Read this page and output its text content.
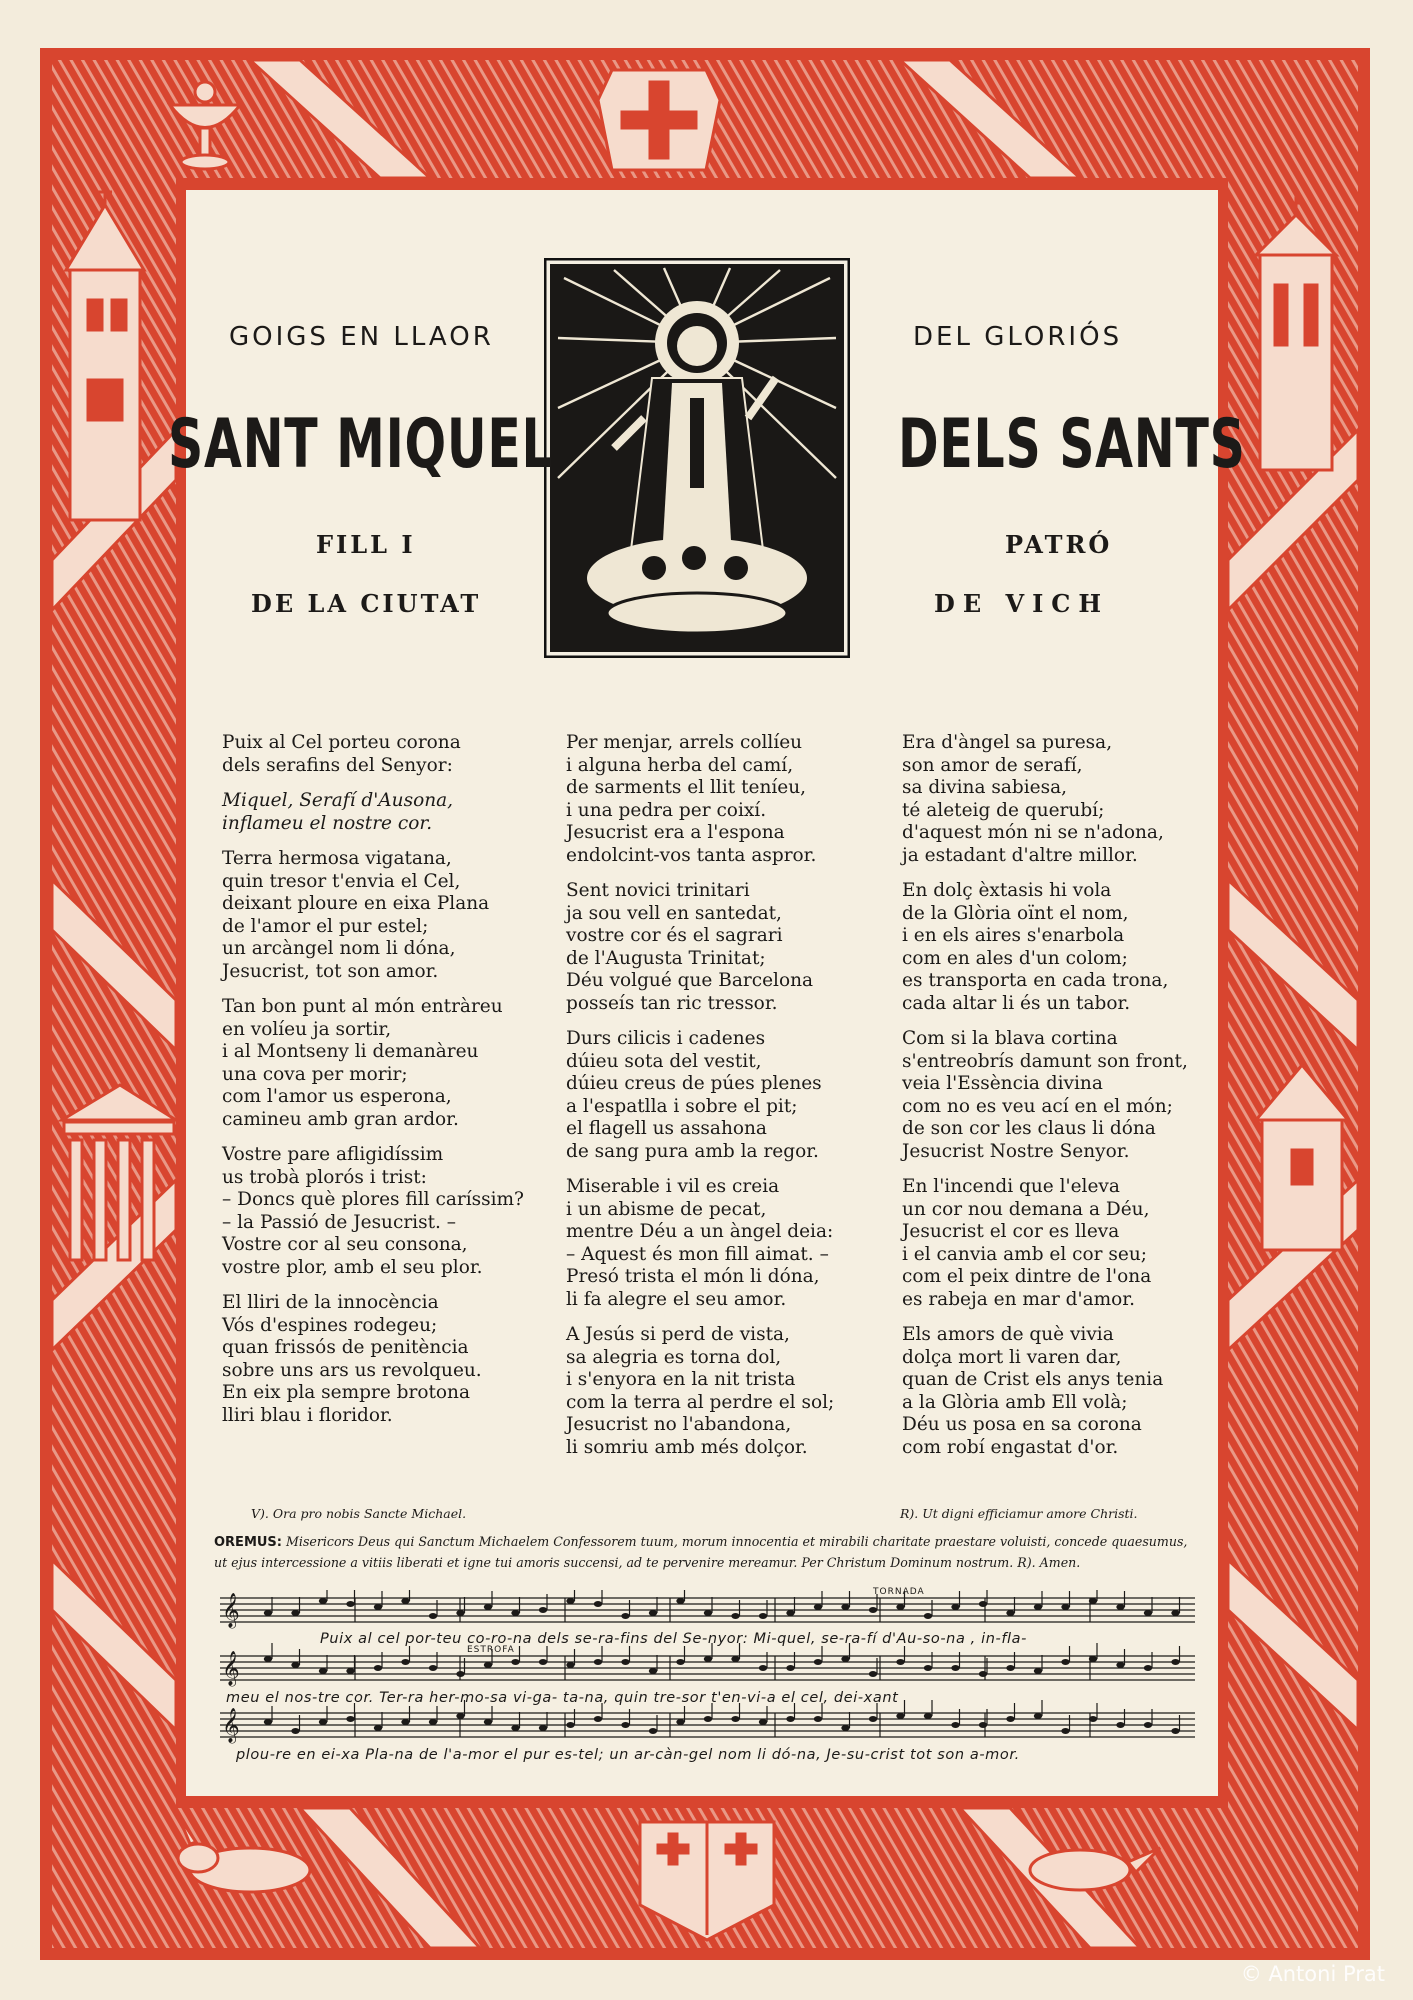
GOIGS EN LLAOR	DEL GLORIÓS
SANT MIQUEL	DELS SANTS
FILL I	PATRÓ
DE LA CIUTAT	DE VICH
Puix al Cel porteu corona
dels serafins del Senyor:
Miquel, Serafí d'Ausona,
inflameu el nostre cor.
Terra hermosa vigatana,
quin tresor t'envia el Cel,
deixant ploure en eixa Plana
de l'amor el pur estel;
un arcàngel nom li dóna,
Jesucrist, tot son amor.
Tan bon punt al món entràreu
en volíeu ja sortir,
i al Montseny li demanàreu
una cova per morir;
com l'amor us esperona,
camineu amb gran ardor.
Vostre pare afligidíssim
us trobà plorós i trist:
– Doncs què plores fill caríssim?
– la Passió de Jesucrist. –
Vostre cor al seu consona,
vostre plor, amb el seu plor.
El lliri de la innocència
Vós d'espines rodegeu;
quan frissós de penitència
sobre uns ars us revolqueu.
En eix pla sempre brotona
lliri blau i floridor.
Per menjar, arrels collíeu
i alguna herba del camí,
de sarments el llit teníeu,
i una pedra per coixí.
Jesucrist era a l'espona
endolcint-vos tanta aspror.
Sent novici trinitari
ja sou vell en santedat,
vostre cor és el sagrari
de l'Augusta Trinitat;
Déu volgué que Barcelona
posseís tan ric tressor.
Durs cilicis i cadenes
dúieu sota del vestit,
dúieu creus de púes plenes
a l'espatlla i sobre el pit;
el flagell us assahona
de sang pura amb la regor.
Miserable i vil es creia
i un abisme de pecat,
mentre Déu a un àngel deia:
– Aquest és mon fill aimat. –
Presó trista el món li dóna,
li fa alegre el seu amor.
A Jesús si perd de vista,
sa alegria es torna dol,
i s'enyora en la nit trista
com la terra al perdre el sol;
Jesucrist no l'abandona,
li somriu amb més dolçor.
Era d'àngel sa puresa,
son amor de serafí,
sa divina sabiesa,
té aleteig de querubí;
d'aquest món ni se n'adona,
ja estadant d'altre millor.
En dolç èxtasis hi vola
de la Glòria oïnt el nom,
i en els aires s'enarbola
com en ales d'un colom;
es transporta en cada trona,
cada altar li és un tabor.
Com si la blava cortina
s'entreobrís damunt son front,
veia l'Essència divina
com no es veu ací en el món;
de son cor les claus li dóna
Jesucrist Nostre Senyor.
En l'incendi que l'eleva
un cor nou demana a Déu,
Jesucrist el cor es lleva
i el canvia amb el cor seu;
com el peix dintre de l'ona
es rabeja en mar d'amor.
Els amors de què vivia
dolça mort li varen dar,
quan de Crist els anys tenia
a la Glòria amb Ell volà;
Déu us posa en sa corona
com robí engastat d'or.
V). Ora pro nobis Sancte Michael.	R). Ut digni efficiamur amore Christi.
OREMUS: Misericors Deus qui Sanctum Michaelem Confessorem tuum, morum innocentia et mirabili charitate praestare voluisti, concede quaesumus, ut ejus intercessione a vitiis liberati et igne tui amoris succensi, ad te pervenire mereamur. Per Christum Dominum nostrum. R). Amen.
𝄞
𝄞
𝄞
TORNADA
ESTROFA
Puix al cel por-teu co-ro-na dels se-ra-fins del Se-nyor: Mi-quel, se-ra-fí d'Au-so-na , in-fla-
meu el nos-tre cor. Ter-ra her-mo-sa vi-ga- ta-na, quin tre-sor t'en-vi-a el cel, dei-xant
plou-re en ei-xa Pla-na de l'a-mor el pur es-tel; un ar-càn-gel nom li dó-na, Je-su-crist tot son a-mor.
© Antoni Prat
